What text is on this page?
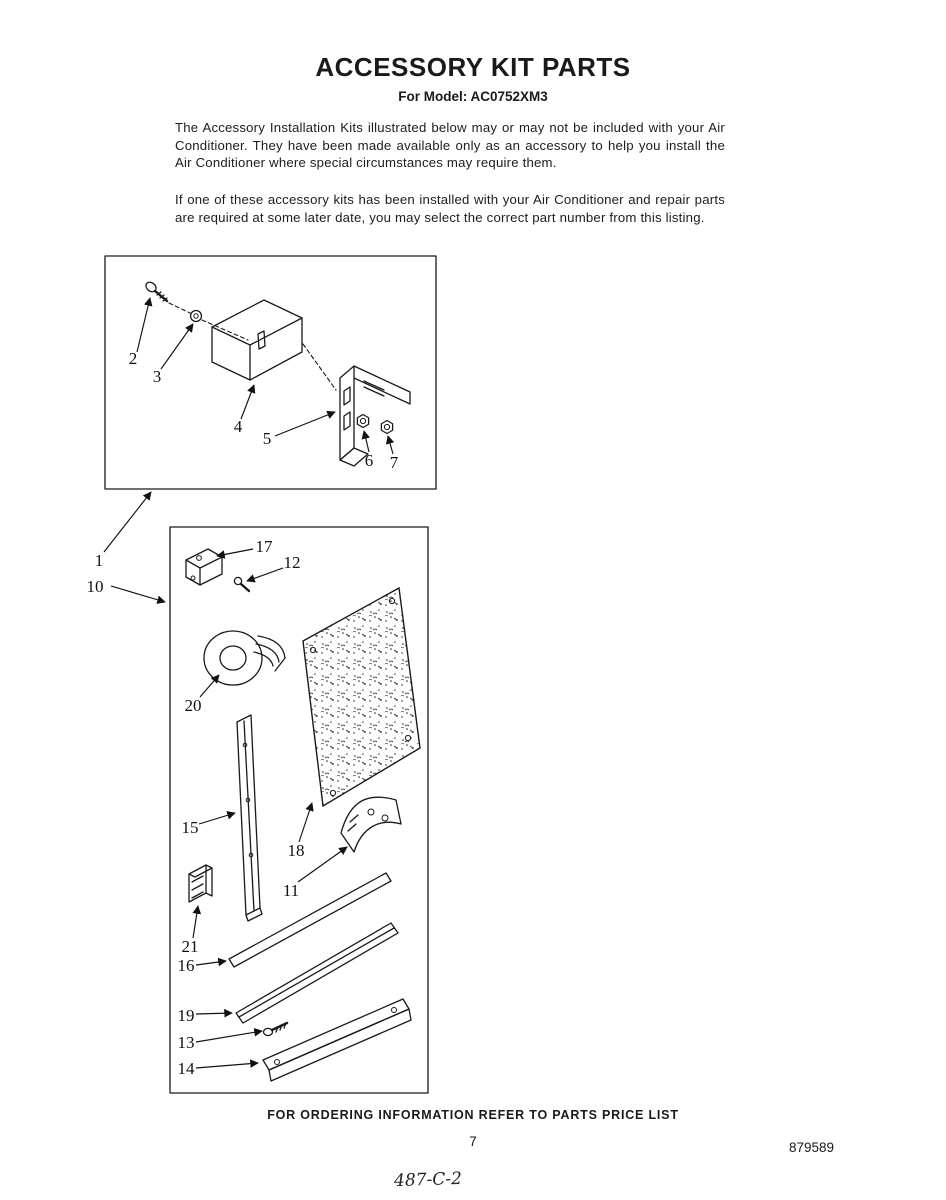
ACCESSORY KIT PARTS
For Model: AC0752XM3
The Accessory Installation Kits illustrated below may or may not be included with your Air Conditioner. They have been made available only as an accessory to help you install the Air Conditioner where special circumstances may require them.
If one of these accessory kits has been installed with your Air Conditioner and repair parts are required at some later date, you may select the correct part number from this listing.
2
3
4
5
6 7
1
10
17
12
18
20
15
11
21
16
19
13
14
FOR ORDERING INFORMATION REFER TO PARTS PRICE LIST
7	879589
487-C-2
